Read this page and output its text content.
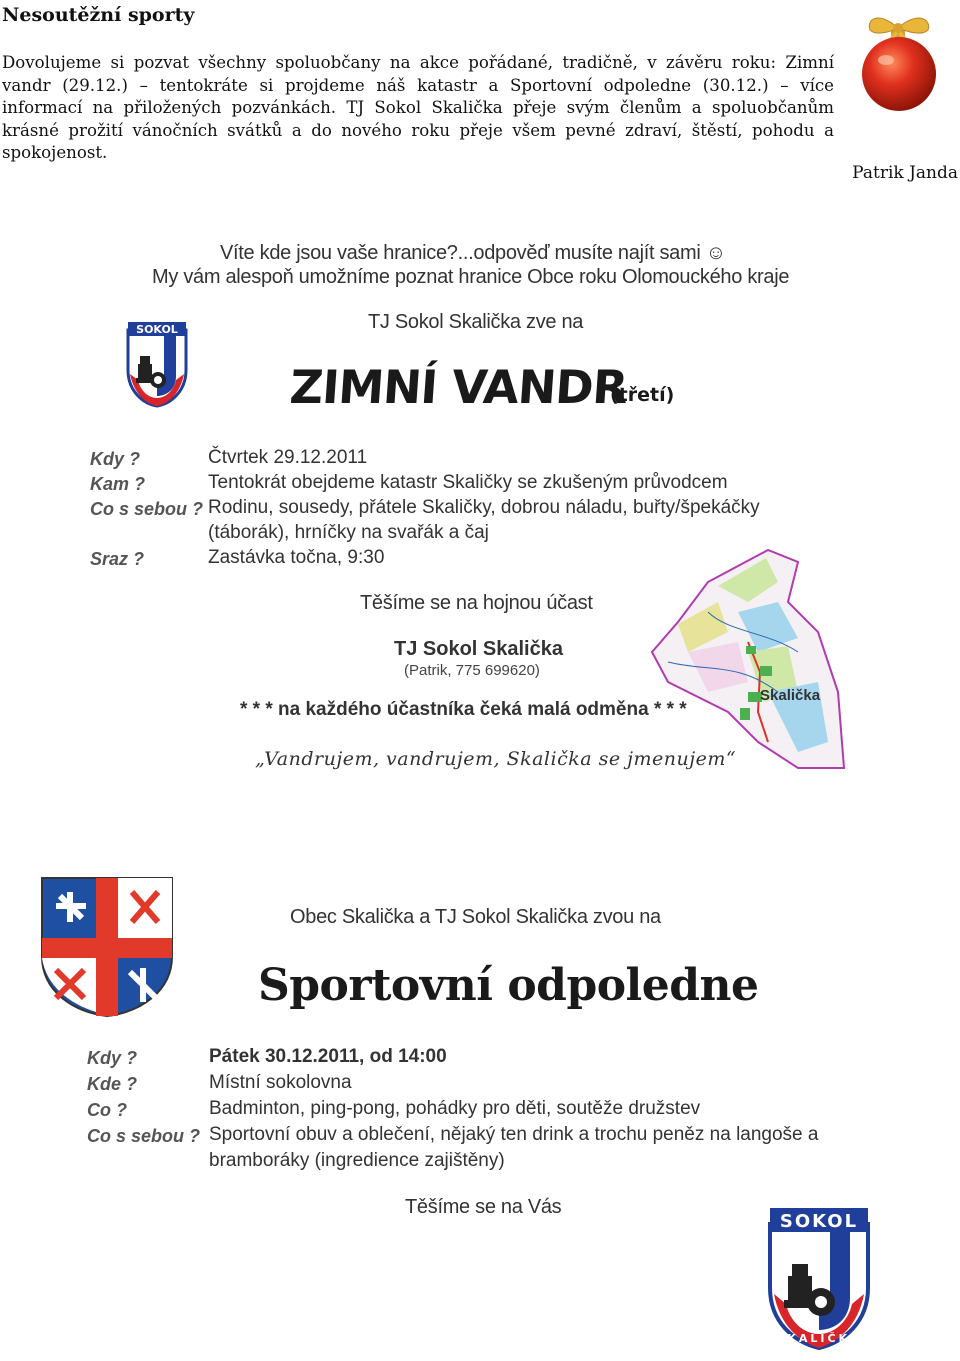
Nesoutěžní sporty
Dovolujeme si pozvat všechny spoluobčany na akce pořádané, tradičně, v závěru roku: Zimní vandr (29.12.) – tentokráte si projdeme náš katastr a Sportovní odpoledne (30.12.) – více informací na přiložených pozvánkách. TJ Sokol Skalička přeje svým členům a spoluobčanům krásné prožití vánočních svátků a do nového roku přeje všem pevné zdraví, štěstí, pohodu a spokojenost.
Patrik Janda
Víte kde jsou vaše hranice?...odpověď musíte najít sami ☺
My vám alespoň umožníme poznat hranice Obce roku Olomouckého kraje
TJ Sokol Skalička zve na
SOKOL
ZIMNÍ VANDR
(třetí)
Kdy ?	Čtvrtek 29.12.2011
Kam ?	Tentokrát obejdeme katastr Skaličky se zkušeným průvodcem
Co s sebou ? Rodinu, sousedy, přátele Skaličky, dobrou náladu, buřty/špekáčky
(táborák), hrníčky na svařák a čaj
Sraz ?	Zastávka točna, 9:30
Těšíme se na hojnou účast
TJ Sokol Skalička
(Patrik, 775 699620)
Skalička
* * * na každého účastníka čeká malá odměna * * *
„Vandrujem, vandrujem, Skalička se jmenujem“
Obec Skalička a TJ Sokol Skalička zvou na
Sportovní odpoledne
Kdy ?	Pátek 30.12.2011, od 14:00
Kde ?	Místní sokolovna
Co ?	Badminton, ping-pong, pohádky pro děti, soutěže družstev
Co s sebou ? Sportovní obuv a oblečení, nějaký ten drink a trochu peněz na langoše a
bramboráky (ingredience zajištěny)
Těšíme se na Vás
SOKOL
SKALIČKA
